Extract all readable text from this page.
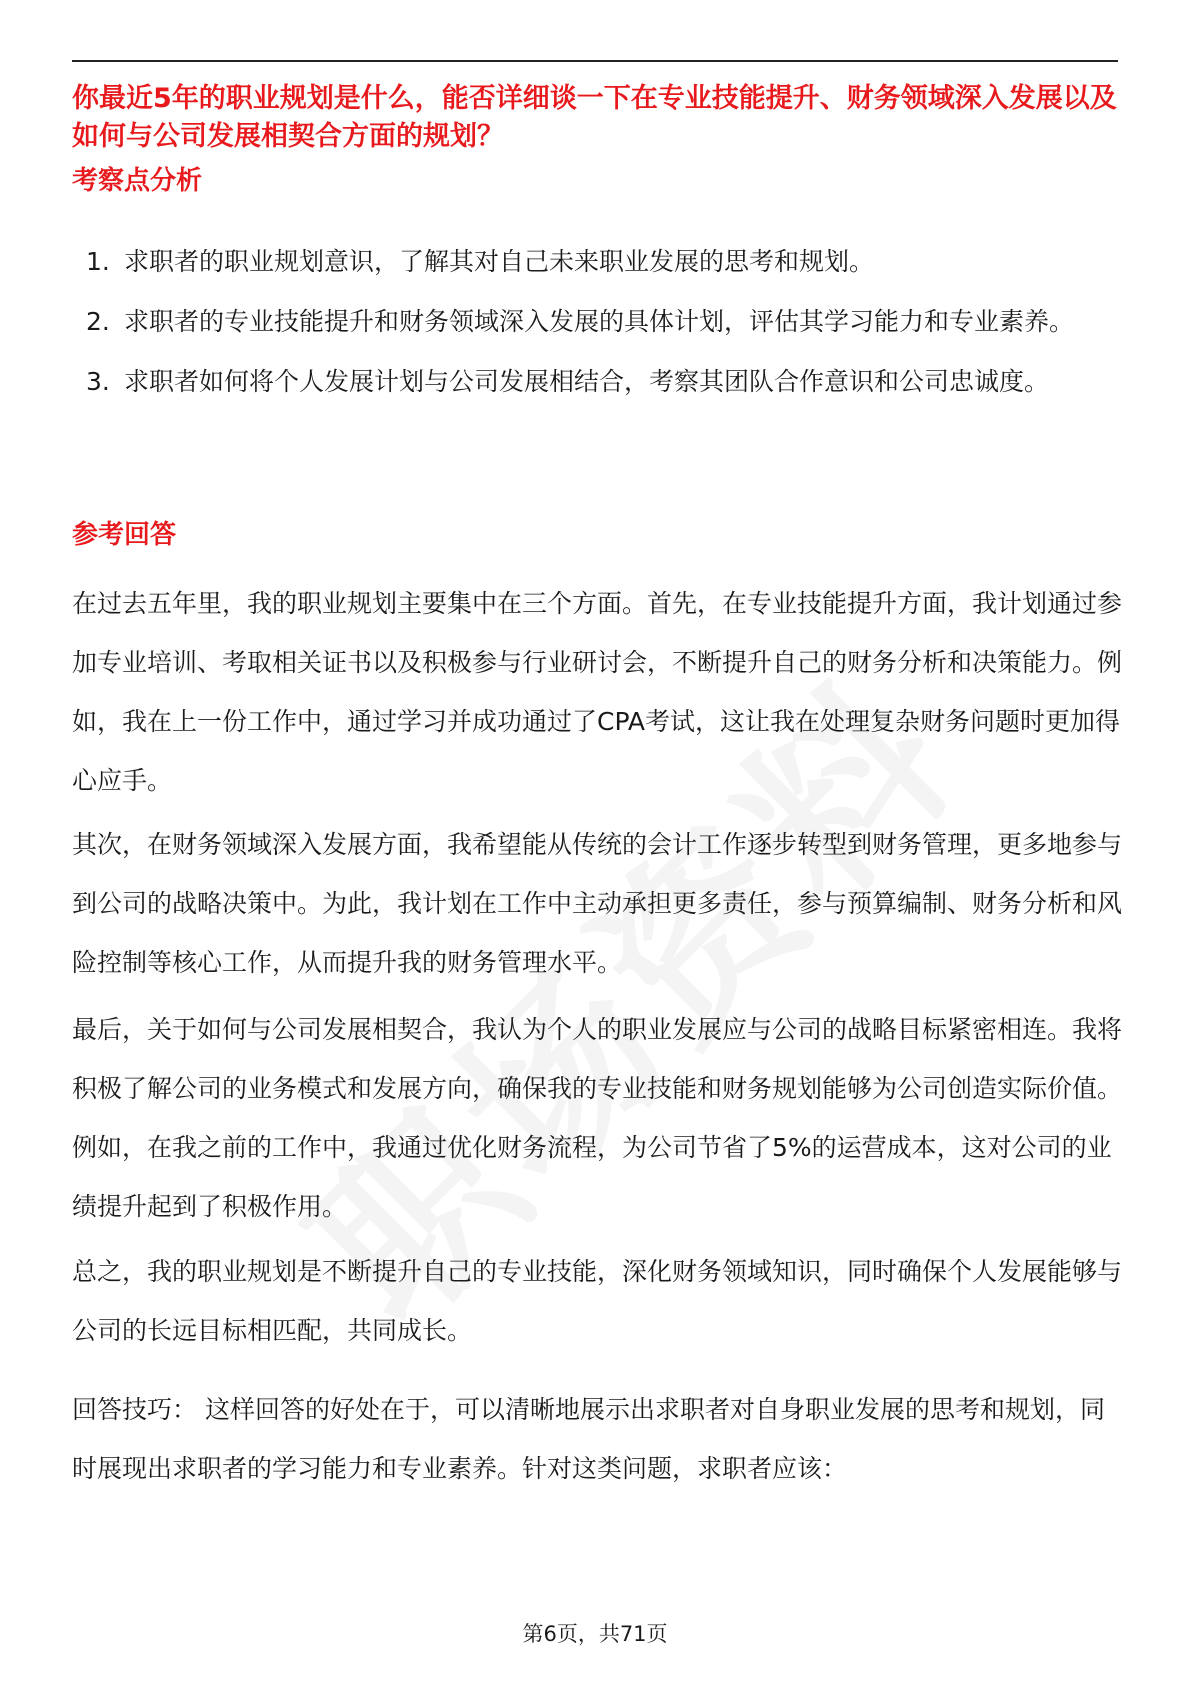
你最近5年的职业规划是什么，能否详细谈一下在专业技能提升、财务领域深入发展以及如何与公司发展相契合方面的规划？

考察点分析
1. 求职者的职业规划意识，了解其对自己未来职业发展的思考和规划。
2. 求职者的专业技能提升和财务领域深入发展的具体计划，评估其学习能力和专业素养。
3. 求职者如何将个人发展计划与公司发展相结合，考察其团队合作意识和公司忠诚度。
参考回答

在过去五年里，我的职业规划主要集中在三个方面。首先，在专业技能提升方面，我计划通过参加专业培训、考取相关证书以及积极参与行业研讨会，不断提升自己的财务分析和决策能力。例如，我在上一份工作中，通过学习并成功通过了CPA考试，这让我在处理复杂财务问题时更加得心应手。

其次，在财务领域深入发展方面，我希望能从传统的会计工作逐步转型到财务管理，更多地参与到公司的战略决策中。为此，我计划在工作中主动承担更多责任，参与预算编制、财务分析和风险控制等核心工作，从而提升我的财务管理水平。

最后，关于如何与公司发展相契合，我认为个人的职业发展应与公司的战略目标紧密相连。我将积极了解公司的业务模式和发展方向，确保我的专业技能和财务规划能够为公司创造实际价值。例如，在我之前的工作中，我通过优化财务流程，为公司节省了5%的运营成本，这对公司的业绩提升起到了积极作用。

总之，我的职业规划是不断提升自己的专业技能，深化财务领域知识，同时确保个人发展能够与公司的长远目标相匹配，共同成长。

回答技巧： 这样回答的好处在于，可以清晰地展示出求职者对自身职业发展的思考和规划，同时展现出求职者的学习能力和专业素养。针对这类问题，求职者应该：

第6页，共71页
